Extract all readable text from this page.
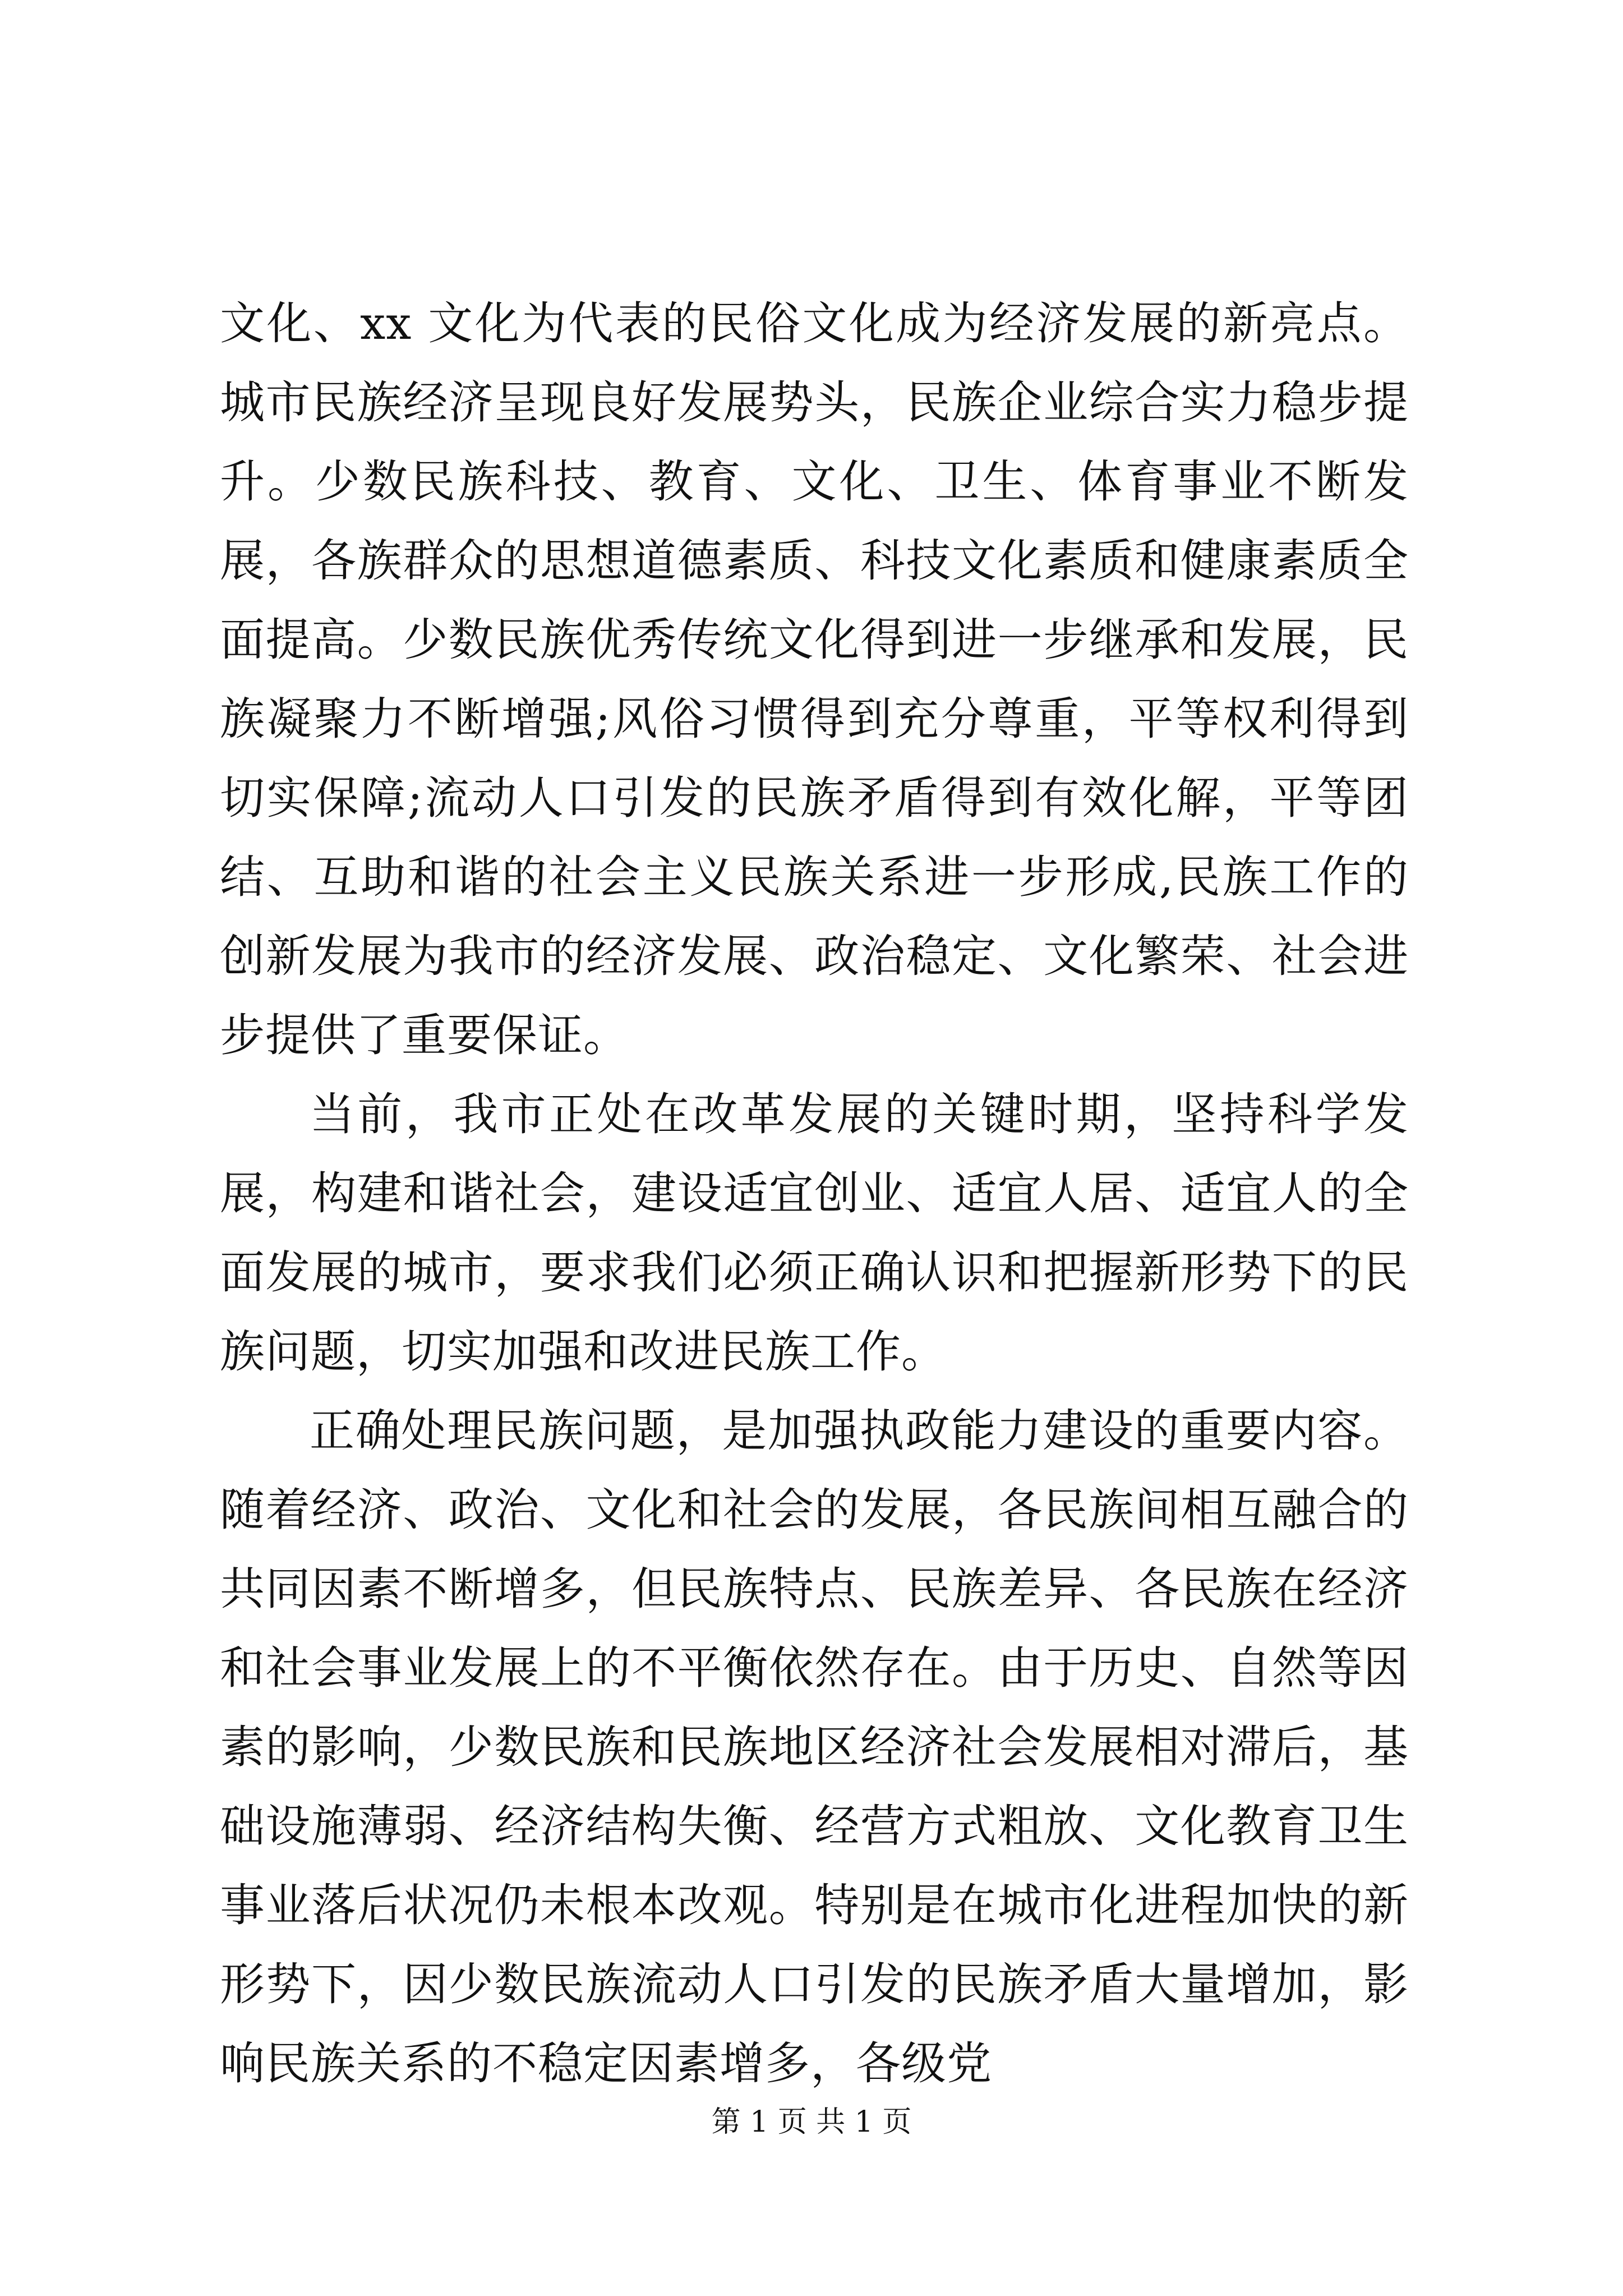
文化、xx 文化为代表的民俗文化成为经济发展的新亮点。城市民族经济呈现良好发展势头，民族企业综合实力稳步提升。少数民族科技、教育、文化、卫生、体育事业不断发展，各族群众的思想道德素质、科技文化素质和健康素质全面提高。少数民族优秀传统文化得到进一步继承和发展，民族凝聚力不断增强;风俗习惯得到充分尊重，平等权利得到切实保障;流动人口引发的民族矛盾得到有效化解，平等团结、互助和谐的社会主义民族关系进一步形成,民族工作的创新发展为我市的经济发展、政治稳定、文化繁荣、社会进步提供了重要保证。

当前，我市正处在改革发展的关键时期，坚持科学发展，构建和谐社会，建设适宜创业、适宜人居、适宜人的全面发展的城市，要求我们必须正确认识和把握新形势下的民族问题，切实加强和改进民族工作。

正确处理民族问题，是加强执政能力建设的重要内容。随着经济、政治、文化和社会的发展，各民族间相互融合的共同因素不断增多，但民族特点、民族差异、各民族在经济和社会事业发展上的不平衡依然存在。由于历史、自然等因素的影响，少数民族和民族地区经济社会发展相对滞后，基础设施薄弱、经济结构失衡、经营方式粗放、文化教育卫生事业落后状况仍未根本改观。特别是在城市化进程加快的新形势下，因少数民族流动人口引发的民族矛盾大量增加，影响民族关系的不稳定因素增多，各级党

第 1 页 共 1 页
